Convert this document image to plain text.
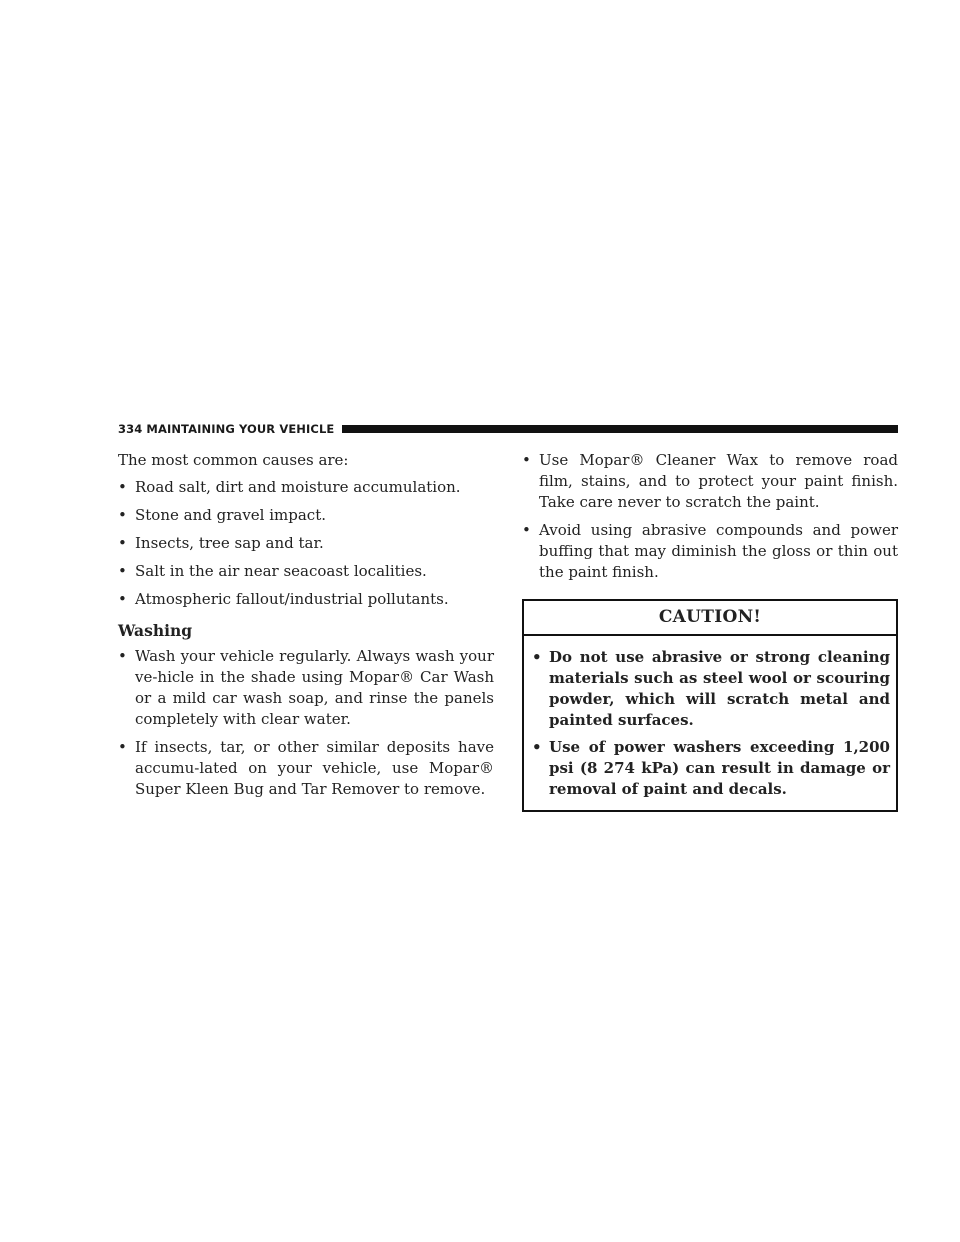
334 MAINTAINING YOUR VEHICLE

The most common causes are:

• Road salt, dirt and moisture accumulation.
• Stone and gravel impact.
• Insects, tree sap and tar.
• Salt in the air near seacoast localities.
• Atmospheric fallout/industrial pollutants.
Washing
• Wash your vehicle regularly. Always wash your ve-hicle in the shade using Mopar® Car Wash or a mild car wash soap, and rinse the panels completely with clear water.
• If insects, tar, or other similar deposits have accumu-lated on your vehicle, use Mopar® Super Kleen Bug and Tar Remover to remove.
• Use Mopar® Cleaner Wax to remove road film, stains, and to protect your paint finish. Take care never to scratch the paint.
• Avoid using abrasive compounds and power buffing that may diminish the gloss or thin out the paint finish.
CAUTION!
• Do not use abrasive or strong cleaning materials such as steel wool or scouring powder, which will scratch metal and painted surfaces.
• Use of power washers exceeding 1,200 psi (8 274 kPa) can result in damage or removal of paint and decals.
